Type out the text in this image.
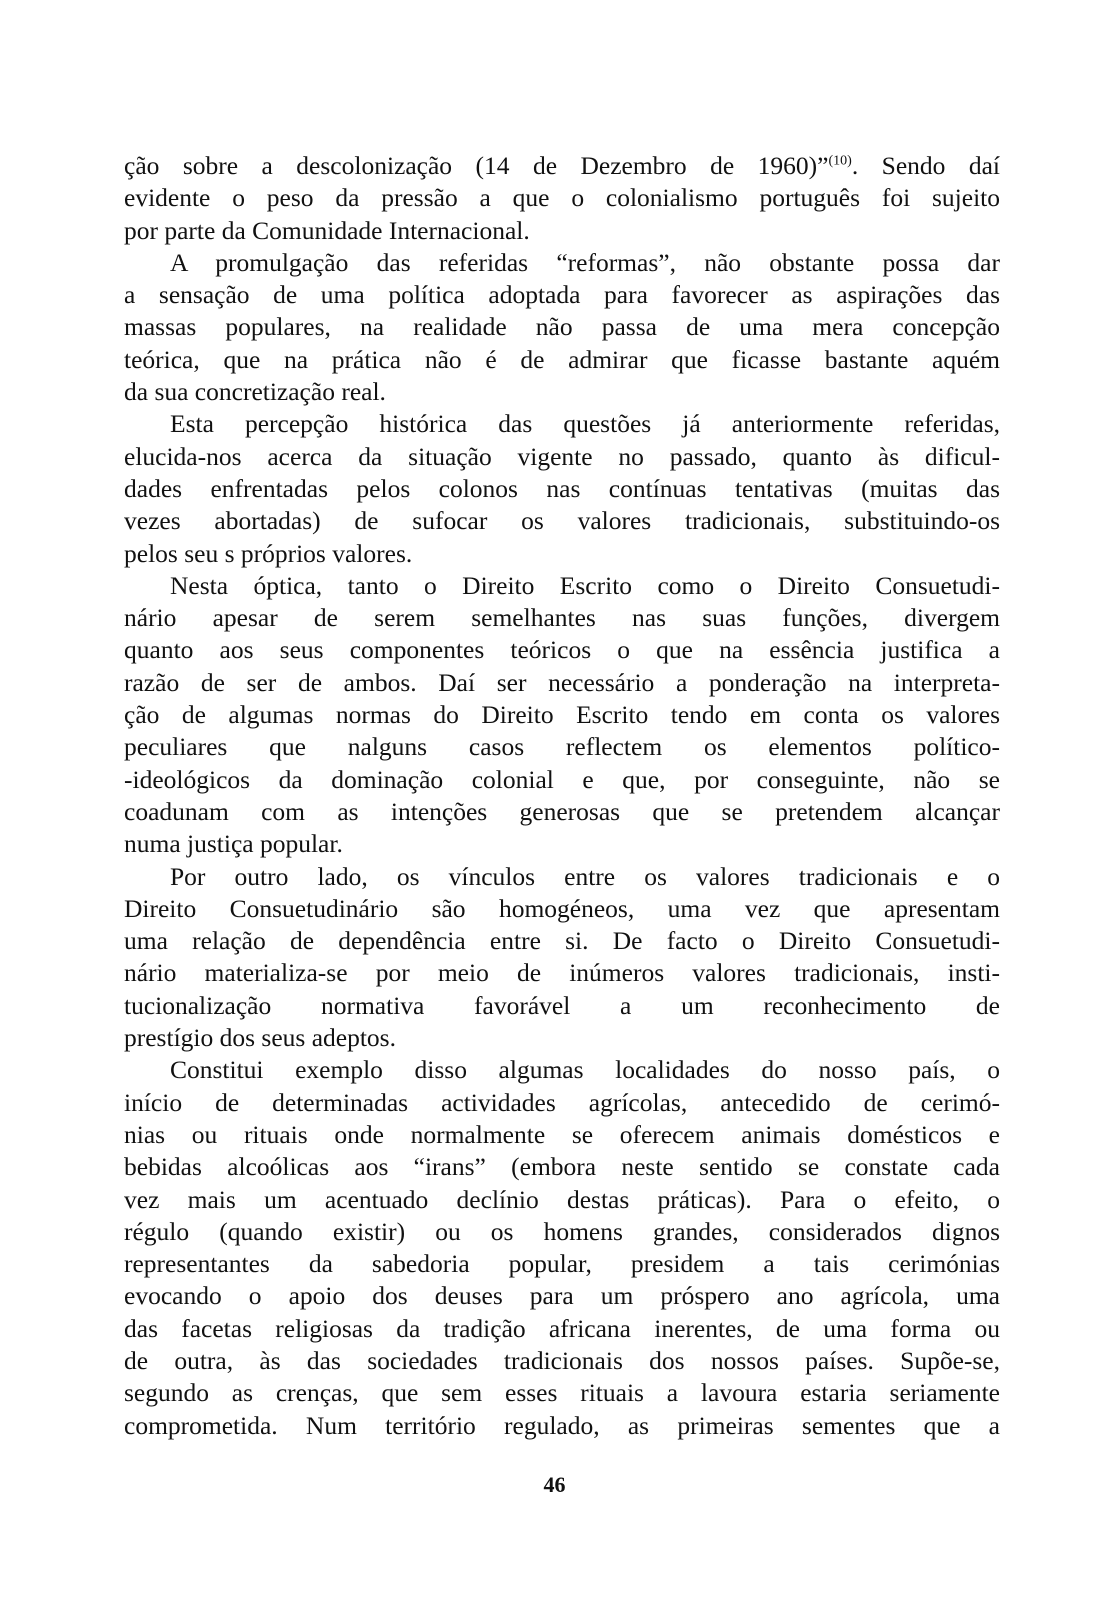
ção sobre a descolonização (14 de Dezembro de 1960)”$^{(10)}$. Sendo daí
evidente o peso da pressão a que o colonialismo português foi sujeito
por parte da Comunidade Internacional.
A promulgação das referidas “reformas”, não obstante possa dar
a sensação de uma política adoptada para favorecer as aspirações das
massas populares, na realidade não passa de uma mera concepção
teórica, que na prática não é de admirar que ficasse bastante aquém
da sua concretização real.
Esta percepção histórica das questões já anteriormente referidas,
elucida-nos acerca da situação vigente no passado, quanto às dificul-
dades enfrentadas pelos colonos nas contínuas tentativas (muitas das
vezes abortadas) de sufocar os valores tradicionais, substituindo-os
pelos seu s próprios valores.
Nesta óptica, tanto o Direito Escrito como o Direito Consuetudi-
nário apesar de serem semelhantes nas suas funções, divergem
quanto aos seus componentes teóricos o que na essência justifica a
razão de ser de ambos. Daí ser necessário a ponderação na interpreta-
ção de algumas normas do Direito Escrito tendo em conta os valores
peculiares que nalguns casos reflectem os elementos político-
-ideológicos da dominação colonial e que, por conseguinte, não se
coadunam com as intenções generosas que se pretendem alcançar
numa justiça popular.
Por outro lado, os vínculos entre os valores tradicionais e o
Direito Consuetudinário são homogéneos, uma vez que apresentam
uma relação de dependência entre si. De facto o Direito Consuetudi-
nário materializa-se por meio de inúmeros valores tradicionais, insti-
tucionalização normativa favorável a um reconhecimento de
prestígio dos seus adeptos.
Constitui exemplo disso algumas localidades do nosso país, o
início de determinadas actividades agrícolas, antecedido de cerimó-
nias ou rituais onde normalmente se oferecem animais domésticos e
bebidas alcoólicas aos “irans” (embora neste sentido se constate cada
vez mais um acentuado declínio destas práticas). Para o efeito, o
régulo (quando existir) ou os homens grandes, considerados dignos
representantes da sabedoria popular, presidem a tais cerimónias
evocando o apoio dos deuses para um próspero ano agrícola, uma
das facetas religiosas da tradição africana inerentes, de uma forma ou
de outra, às das sociedades tradicionais dos nossos países. Supõe-se,
segundo as crenças, que sem esses rituais a lavoura estaria seriamente
comprometida. Num território regulado, as primeiras sementes que a
46
